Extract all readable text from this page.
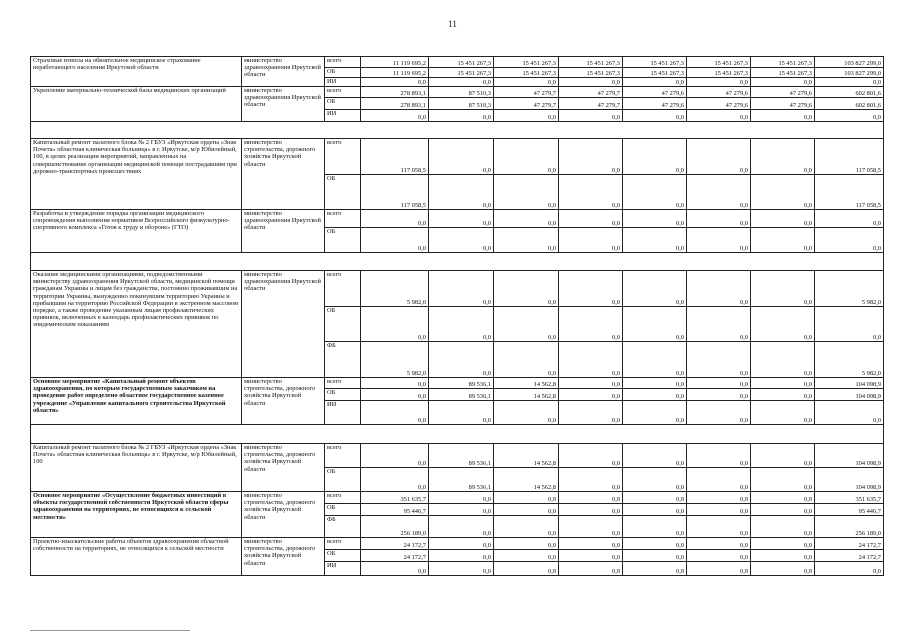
11
Страховые взносы на обязательное медицинское страхование неработающего населения Иркутской области	министерство здравоохранения Иркутской области	всего	11 119 695,2	15 451 267,3	15 451 267,3	15 451 267,3	15 451 267,3	15 451 267,3	15 451 267,3	103 827 299,0
		ОБ	11 119 695,2	15 451 267,3	15 451 267,3	15 451 267,3	15 451 267,3	15 451 267,3	15 451 267,3	103 827 299,0
		ИИ	0,0	0,0	0,0	0,0	0,0	0,0	0,0	0,0
Укрепление материально-технической базы медицинских организаций	министерство здравоохранения Иркутской области	всего	278 893,1	87 510,3	47 279,7	47 279,7	47 279,6	47 279,6	47 279,6	602 801,6
		ОБ	278 893,1	87 510,3	47 279,7	47 279,7	47 279,6	47 279,6	47 279,6	602 801,6
		ИИ	0,0	0,0	0,0	0,0	0,0	0,0	0,0	0,0

Капитальный ремонт палатного блока № 2 ГБУЗ «Иркутская ордена «Знак Почета» областная клиническая больница» в г. Иркутске, м/р Юбилейный, 100, в целях реализации мероприятий, направленных на совершенствование организации медицинской помощи пострадавшим при дорожно-транспортных происшествиях	министерство строительства, дорожного хозяйства Иркутской области	всего	117 058,5	0,0	0,0	0,0	0,0	0,0	0,0	117 058,5
		ОБ	117 058,5	0,0	0,0	0,0	0,0	0,0	0,0	117 058,5
Разработка и утверждение порядка организации медицинского сопровождения выполнения нормативов Всероссийского физкультурно-спортивного комплекса «Готов к труду и обороне» (ГТО)	министерство здравоохранения Иркутской области	всего	0,0	0,0	0,0	0,0	0,0	0,0	0,0	0,0
		ОБ	0,0	0,0	0,0	0,0	0,0	0,0	0,0	0,0

Оказание медицинскими организациями, подведомственными министерству здравоохранения Иркутской области, медицинской помощи гражданам Украины и лицам без гражданства, постоянно проживавшим на территории Украины, вынужденно покинувшим территорию Украины и прибывшим на территорию Российской Федерации в экстренном массовом порядке, а также проведение указанным лицам профилактических прививок, включенных в календарь профилактических прививок по эпидемическим показаниям	министерство здравоохранения Иркутской области	всего	5 982,0	0,0	0,0	0,0	0,0	0,0	0,0	5 982,0
		ОБ	0,0	0,0	0,0	0,0	0,0	0,0	0,0	0,0
		ФБ	5 982,0	0,0	0,0	0,0	0,0	0,0	0,0	5 982,0
Основное мероприятие «Капитальный ремонт объектов здравоохранения, по которым государственным заказчиком на проведение работ определено областное государственное казенное учреждение «Управление капитального строительства Иркутской области»	министерство строительства, дорожного хозяйства Иркутской области	всего	0,0	89 536,1	14 562,8	0,0	0,0	0,0	0,0	104 098,9
		ОБ	0,0	89 536,1	14 562,8	0,0	0,0	0,0	0,0	104 098,9
		ИИ	0,0	0,0	0,0	0,0	0,0	0,0	0,0	0,0

Капитальный ремонт палатного блока № 2 ГБУЗ «Иркутская ордена «Знак Почета» областная клиническая больница» в г. Иркутске, м/р Юбилейный, 100	министерство строительства, дорожного хозяйства Иркутской области	всего	0,0	89 536,1	14 562,8	0,0	0,0	0,0	0,0	104 098,9
		ОБ	0,0	89 536,1	14 562,8	0,0	0,0	0,0	0,0	104 098,9
Основное мероприятие «Осуществление бюджетных инвестиций в объекты государственной собственности Иркутской области сферы здравоохранения на территориях, не относящихся к сельской местности»	министерство строительства, дорожного хозяйства Иркутской области	всего	351 635,7	0,0	0,0	0,0	0,0	0,0	0,0	351 635,7
		ОБ	95 446,7	0,0	0,0	0,0	0,0	0,0	0,0	95 446,7
		ФБ	256 189,0	0,0	0,0	0,0	0,0	0,0	0,0	256 189,0
Проектно-изыскательские работы объектов здравоохранения областной собственности на территориях, не относящихся к сельской местности	министерство строительства, дорожного хозяйства Иркутской области	всего	24 172,7	0,0	0,0	0,0	0,0	0,0	0,0	24 172,7
		ОБ	24 172,7	0,0	0,0	0,0	0,0	0,0	0,0	24 172,7
		ИИ	0,0	0,0	0,0	0,0	0,0	0,0	0,0	0,0
